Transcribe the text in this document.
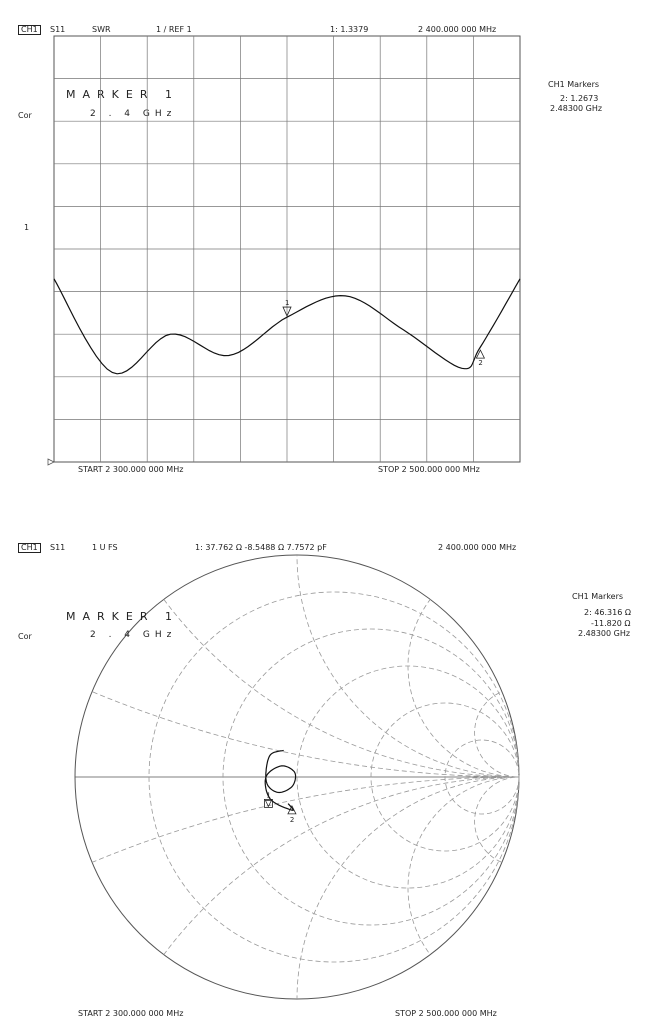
CH1	S11	SWR	1 / REF 1	1: 1.3379	2 400.000 000 MHz
Cor
1
CH1 Markers
2: 1.2673
2.48300 GHz
MARKER 1
2 . 4 GHz
START 2 300.000 000 MHz	STOP 2 500.000 000 MHz
1
2
1
2
CH1	S11	1 U FS	1: 37.762 Ω -8.5488 Ω 7.7572 pF	2 400.000 000 MHz
Cor
MARKER 1
2 . 4 GHz
CH1 Markers
2: 46.316 Ω
-11.820 Ω
2.48300 GHz
START 2 300.000 000 MHz	STOP 2 500.000 000 MHz
